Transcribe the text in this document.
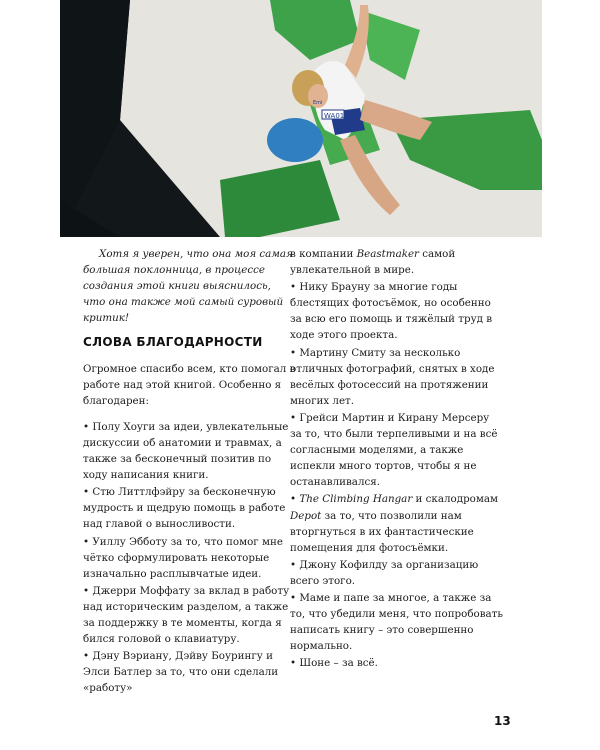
WA01
Emi

Хотя я уверен, что она моя самая большая поклонница, в процессе создания этой книги выяснилось, что она также мой самый суровый критик!

СЛОВА БЛАГОДАРНОСТИ

Огромное спасибо всем, кто помогал в работе над этой книгой. Особенно я благодарен:

• Полу Хоуги за идеи, увлекательные дискуссии об анатомии и травмах, а также за бесконечный позитив по ходу написания книги.
• Стю Литтлфэйру за бесконечную мудрость и щедрую помощь в работе над главой о выносливости.
• Уиллу Эбботу за то, что помог мне чётко сформулировать некоторые изначально расплывчатые идеи.
• Джерри Моффату за вклад в работу над историческим разделом, а также за поддержку в те моменты, когда я бился головой о клавиатуру.
• Дэну Вэриану, Дэйву Боурингу и Элси Батлер за то, что они сделали «работу»
в компании Beastmaker самой увлекательной в мире.
• Нику Брауну за многие годы блестящих фотосъёмок, но особенно за всю его помощь и тяжёлый труд в ходе этого проекта.
• Мартину Смиту за несколько отличных фотографий, снятых в ходе весёлых фотосессий на протяжении многих лет.
• Грейси Мартин и Кирану Мерсеру за то, что были терпеливыми и на всё согласными моделями, а также испекли много тортов, чтобы я не останавливался.
• The Climbing Hangar и скалодромам Depot за то, что позволили нам вторгнуться в их фантастические помещения для фотосъёмки.
• Джону Кофилду за организацию всего этого.
• Маме и папе за многое, а также за то, что убедили меня, что попробовать написать книгу – это совершенно нормально.
• Шоне – за всё.
13
